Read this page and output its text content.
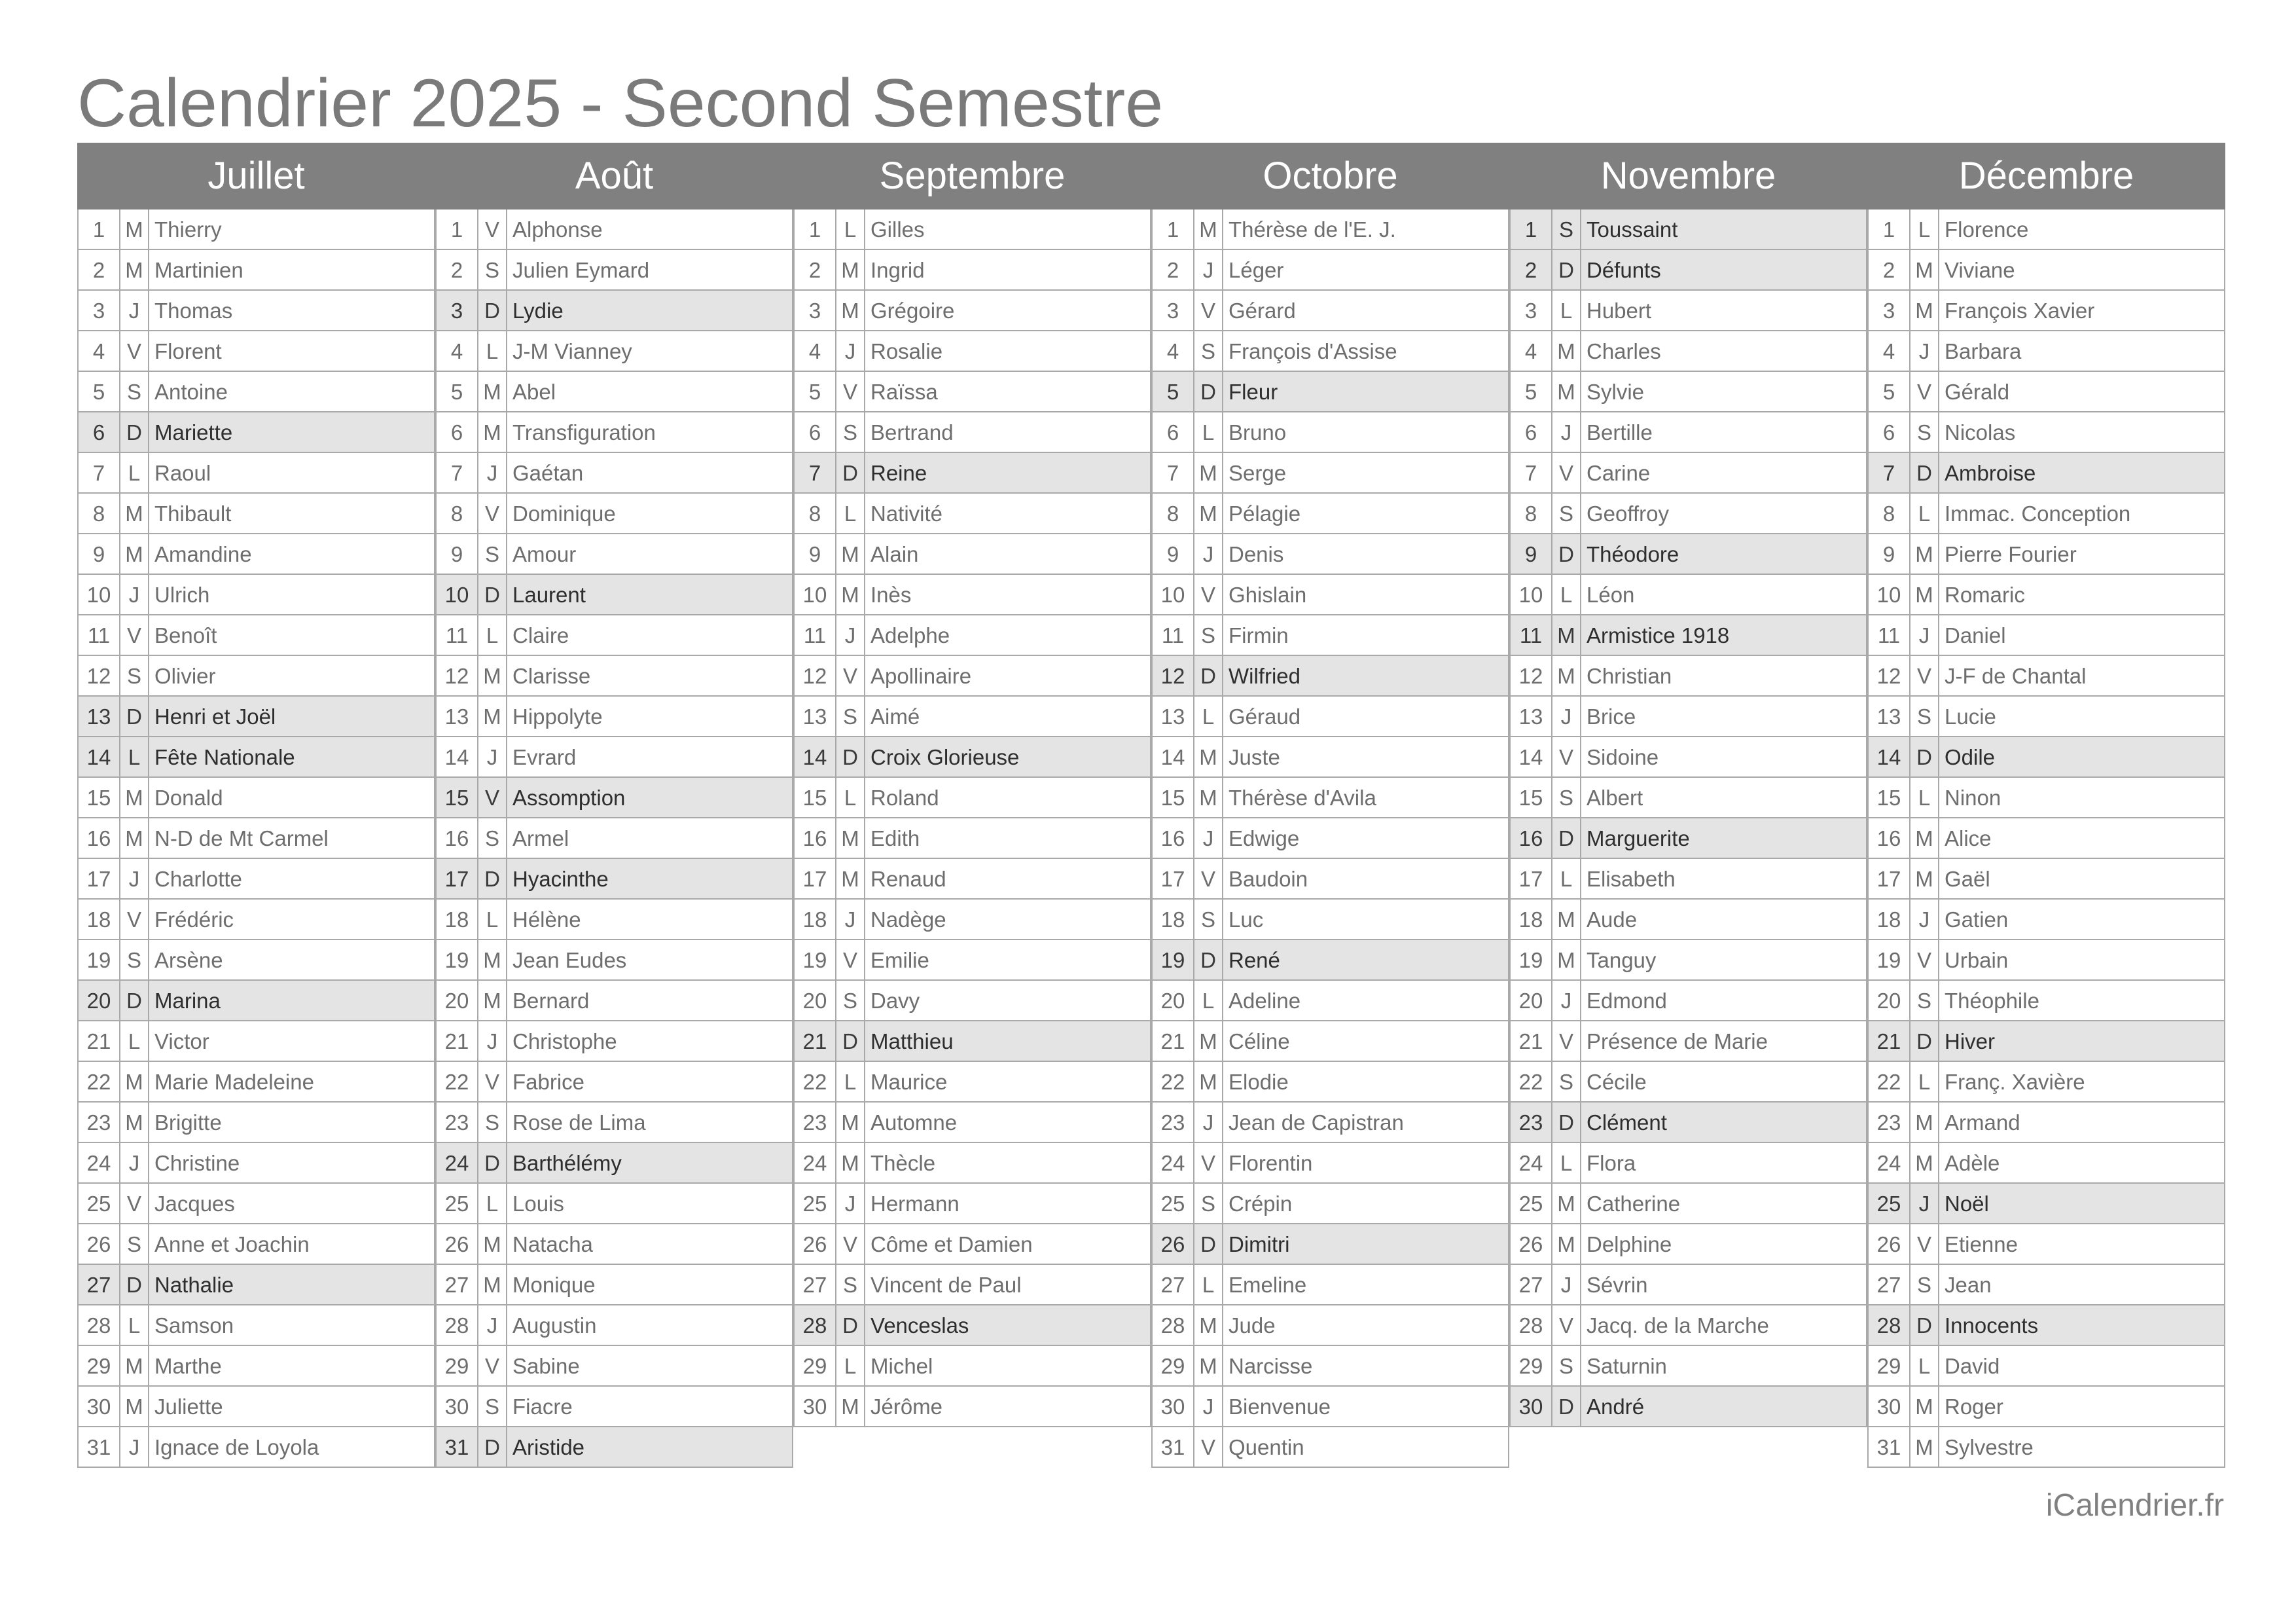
Calendrier 2025 - Second Semestre
Juillet
1 M Thierry
2 M Martinien
3	J Thomas
4	V Florent
5	S Antoine
6 D Mariette
7	L Raoul
8 M Thibault
9 M Amandine
10 J Ulrich
11 V Benoît
12 S Olivier
13 D Henri et Joël
14 L Fête Nationale
15 M Donald
16 M N-D de Mt Carmel
17 J Charlotte
18 V Frédéric
19 S Arsène
20 D Marina
21 L Victor
22 M Marie Madeleine
23 M Brigitte
24 J Christine
25 V Jacques
26 S Anne et Joachin
27 D Nathalie
28 L Samson
29 M Marthe
30 M Juliette
31 J Ignace de Loyola
Août
1	V Alphonse
2	S Julien Eymard
3 D Lydie
4	L J-M Vianney
5 M Abel
6 M Transfiguration
7	J Gaétan
8	V Dominique
9	S Amour
10 D Laurent
11 L Claire
12 M Clarisse
13 M Hippolyte
14 J Evrard
15 V Assomption
16 S Armel
17 D Hyacinthe
18 L Hélène
19 M Jean Eudes
20 M Bernard
21 J Christophe
22 V Fabrice
23 S Rose de Lima
24 D Barthélémy
25 L Louis
26 M Natacha
27 M Monique
28 J Augustin
29 V Sabine
30 S Fiacre
31 D Aristide
Septembre
1	L Gilles
2 M Ingrid
3 M Grégoire
4	J Rosalie
5	V Raïssa
6	S Bertrand
7 D Reine
8	L Nativité
9 M Alain
10 M Inès
11 J Adelphe
12 V Apollinaire
13 S Aimé
14 D Croix Glorieuse
15 L Roland
16 M Edith
17 M Renaud
18 J Nadège
19 V Emilie
20 S Davy
21 D Matthieu
22 L Maurice
23 M Automne
24 M Thècle
25 J Hermann
26 V Côme et Damien
27 S Vincent de Paul
28 D Venceslas
29 L Michel
30 M Jérôme
Octobre
1 M Thérèse de l'E. J.
2	J Léger
3	V Gérard
4	S François d'Assise
5 D Fleur
6	L Bruno
7 M Serge
8 M Pélagie
9	J Denis
10 V Ghislain
11 S Firmin
12 D Wilfried
13 L Géraud
14 M Juste
15 M Thérèse d'Avila
16 J Edwige
17 V Baudoin
18 S Luc
19 D René
20 L Adeline
21 M Céline
22 M Elodie
23 J Jean de Capistran
24 V Florentin
25 S Crépin
26 D Dimitri
27 L Emeline
28 M Jude
29 M Narcisse
30 J Bienvenue
31 V Quentin
Novembre
1	S Toussaint
2 D Défunts
3	L Hubert
4 M Charles
5 M Sylvie
6	J Bertille
7	V Carine
8	S Geoffroy
9 D Théodore
10 L Léon
11 M Armistice 1918
12 M Christian
13 J Brice
14 V Sidoine
15 S Albert
16 D Marguerite
17 L Elisabeth
18 M Aude
19 M Tanguy
20 J Edmond
21 V Présence de Marie
22 S Cécile
23 D Clément
24 L Flora
25 M Catherine
26 M Delphine
27 J Sévrin
28 V Jacq. de la Marche
29 S Saturnin
30 D André
Décembre
1	L Florence
2 M Viviane
3 M François Xavier
4	J Barbara
5	V Gérald
6	S Nicolas
7 D Ambroise
8	L Immac. Conception
9 M Pierre Fourier
10 M Romaric
11 J Daniel
12 V J-F de Chantal
13 S Lucie
14 D Odile
15 L Ninon
16 M Alice
17 M Gaël
18 J Gatien
19 V Urbain
20 S Théophile
21 D Hiver
22 L Franç. Xavière
23 M Armand
24 M Adèle
25 J Noël
26 V Etienne
27 S Jean
28 D Innocents
29 L David
30 M Roger
31 M Sylvestre
iCalendrier.fr
